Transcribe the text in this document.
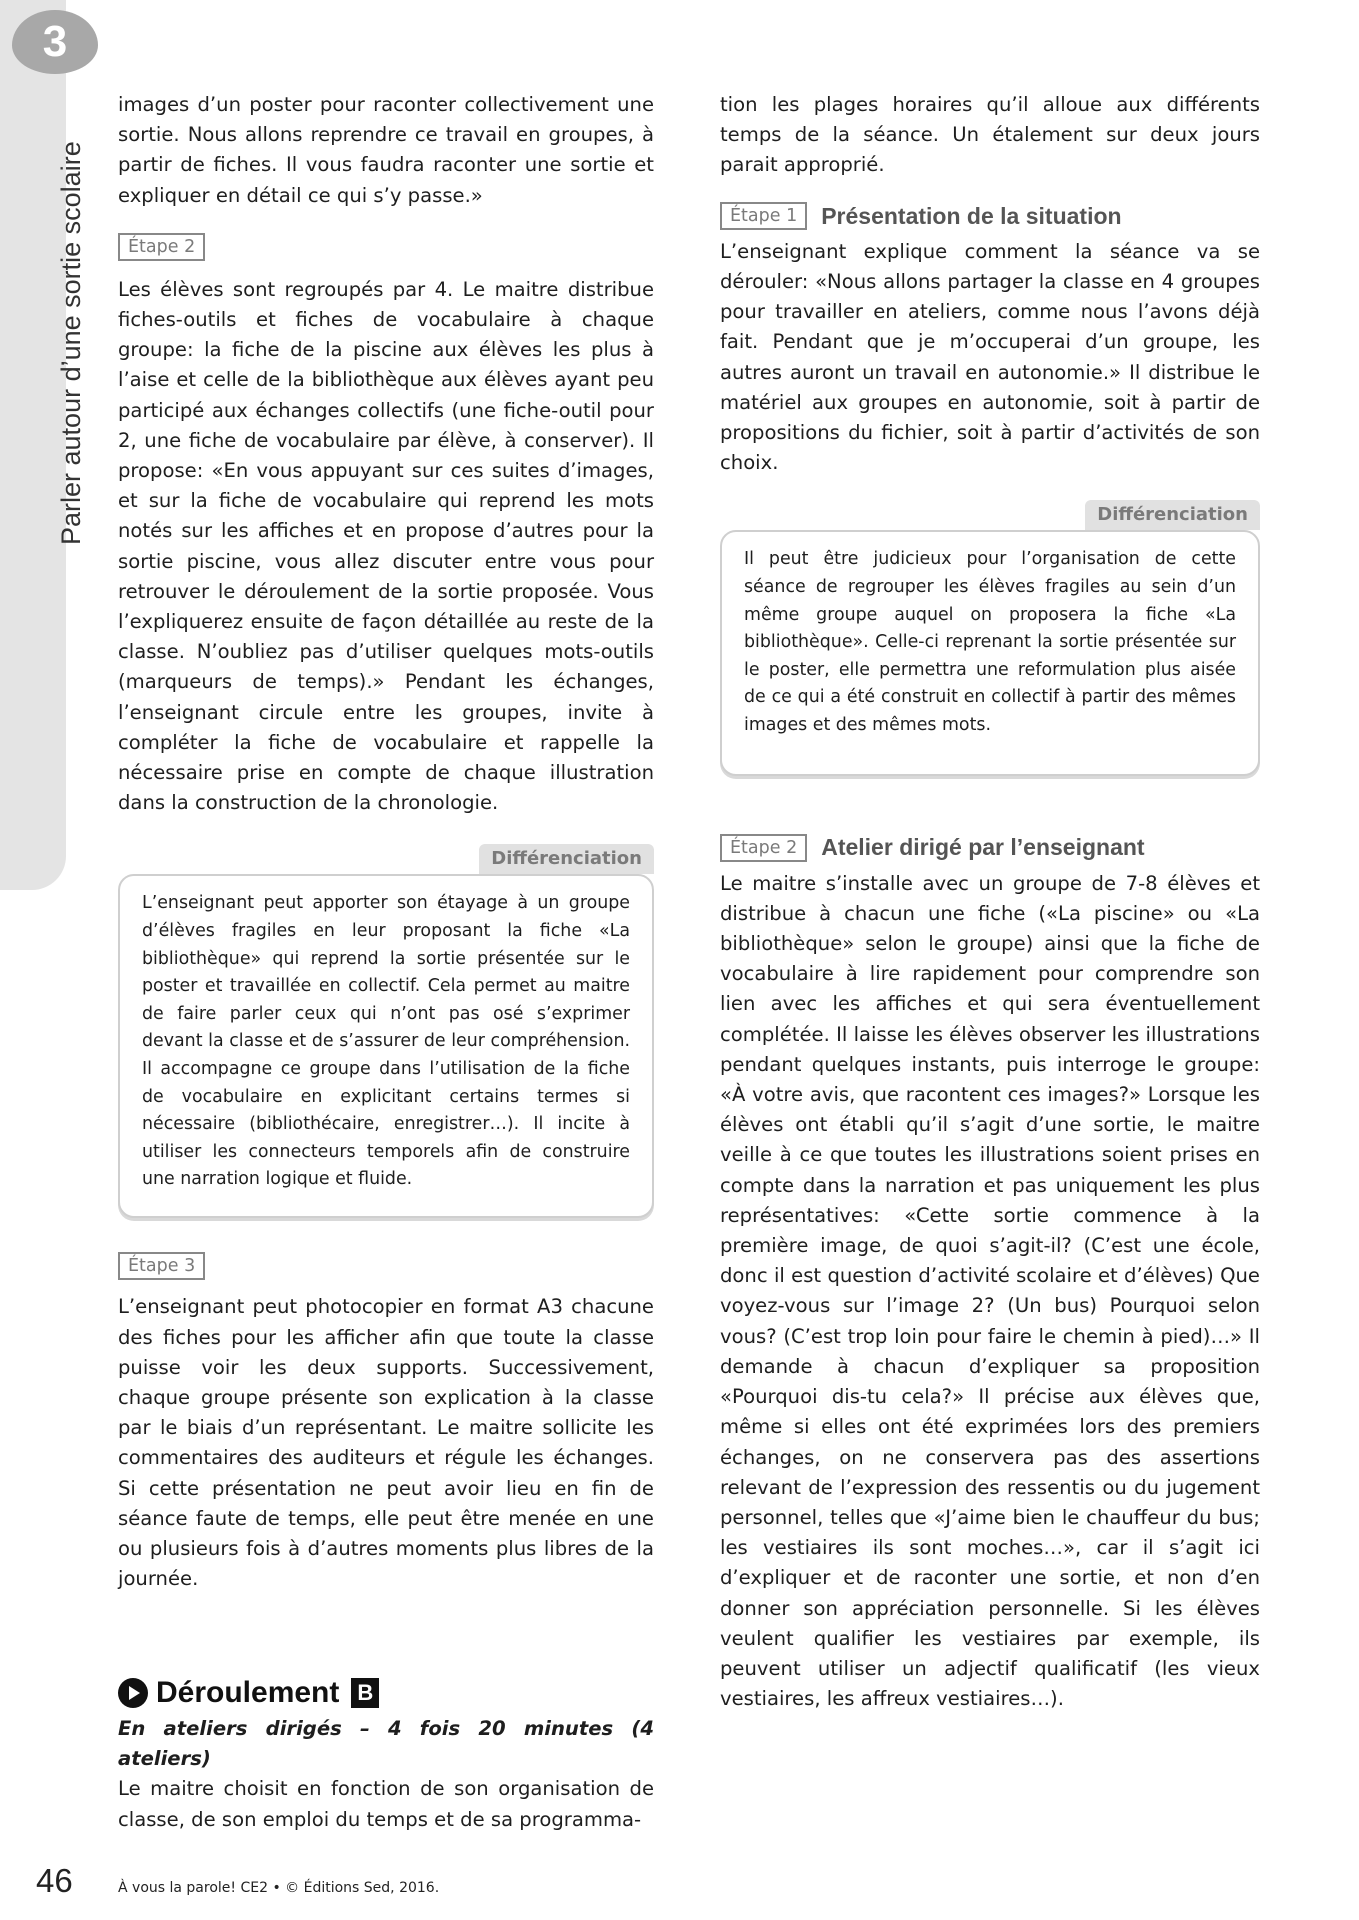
3
Parler autour d’une sortie scolaire

images d’un poster pour raconter collectivement une sortie. Nous allons reprendre ce travail en groupes, à partir de fiches. Il vous faudra raconter une sortie et expliquer en détail ce qui s’y passe.»

Étape 2

Les élèves sont regroupés par 4. Le maitre distribue fiches-outils et fiches de vocabulaire à chaque groupe: la fiche de la piscine aux élèves les plus à l’aise et celle de la bibliothèque aux élèves ayant peu participé aux échanges collectifs (une fiche-outil pour 2, une fiche de vocabulaire par élève, à conserver). Il propose: «En vous appuyant sur ces suites d’images, et sur la fiche de vocabulaire qui reprend les mots notés sur les affiches et en propose d’autres pour la sortie piscine, vous allez discuter entre vous pour retrouver le déroulement de la sortie proposée. Vous l’expliquerez ensuite de façon détaillée au reste de la classe. N’oubliez pas d’utiliser quelques mots-outils (marqueurs de temps).» Pendant les échanges, l’enseignant circule entre les groupes, invite à compléter la fiche de vocabulaire et rappelle la nécessaire prise en compte de chaque illustration dans la construction de la chronologie.

Différenciation
L’enseignant peut apporter son étayage à un groupe d’élèves fragiles en leur proposant la fiche «La bibliothèque» qui reprend la sortie présentée sur le poster et travaillée en collectif. Cela permet au maitre de faire parler ceux qui n’ont pas osé s’exprimer devant la classe et de s’assurer de leur compréhension. Il accompagne ce groupe dans l’utilisation de la fiche de vocabulaire en explicitant certains termes si nécessaire (bibliothécaire, enregistrer…). Il incite à utiliser les connecteurs temporels afin de construire une narration logique et fluide.
Étape 3

L’enseignant peut photocopier en format A3 chacune des fiches pour les afficher afin que toute la classe puisse voir les deux supports. Successivement, chaque groupe présente son explication à la classe par le biais d’un représentant. Le maitre sollicite les commentaires des auditeurs et régule les échanges. Si cette présentation ne peut avoir lieu en fin de séance faute de temps, elle peut être menée en une ou plusieurs fois à d’autres moments plus libres de la journée.

Déroulement B

En ateliers dirigés – 4 fois 20 minutes (4 ateliers)

Le maitre choisit en fonction de son organisation de classe, de son emploi du temps et de sa programma-

tion les plages horaires qu’il alloue aux différents temps de la séance. Un étalement sur deux jours parait approprié.

Étape 1	Présentation de la situation

L’enseignant explique comment la séance va se dérouler: «Nous allons partager la classe en 4 groupes pour travailler en ateliers, comme nous l’avons déjà fait. Pendant que je m’occuperai d’un groupe, les autres auront un travail en autonomie.» Il distribue le matériel aux groupes en autonomie, soit à partir de propositions du fichier, soit à partir d’activités de son choix.

Différenciation
Il peut être judicieux pour l’organisation de cette séance de regrouper les élèves fragiles au sein d’un même groupe auquel on proposera la fiche «La bibliothèque». Celle-ci reprenant la sortie présentée sur le poster, elle permettra une reformulation plus aisée de ce qui a été construit en collectif à partir des mêmes images et des mêmes mots.
Étape 2	Atelier dirigé par l’enseignant

Le maitre s’installe avec un groupe de 7-8 élèves et distribue à chacun une fiche («La piscine» ou «La bibliothèque» selon le groupe) ainsi que la fiche de vocabulaire à lire rapidement pour comprendre son lien avec les affiches et qui sera éventuellement complétée. Il laisse les élèves observer les illustrations pendant quelques instants, puis interroge le groupe: «À votre avis, que racontent ces images?» Lorsque les élèves ont établi qu’il s’agit d’une sortie, le maitre veille à ce que toutes les illustrations soient prises en compte dans la narration et pas uniquement les plus représentatives: «Cette sortie commence à la première image, de quoi s’agit-il? (C’est une école, donc il est question d’activité scolaire et d’élèves) Que voyez-vous sur l’image 2? (Un bus) Pourquoi selon vous? (C’est trop loin pour faire le chemin à pied)…» Il demande à chacun d’expliquer sa proposition «Pourquoi dis-tu cela?» Il précise aux élèves que, même si elles ont été exprimées lors des premiers échanges, on ne conservera pas des assertions relevant de l’expression des ressentis ou du jugement personnel, telles que «J’aime bien le chauffeur du bus; les vestiaires ils sont moches…», car il s’agit ici d’expliquer et de raconter une sortie, et non d’en donner son appréciation personnelle. Si les élèves veulent qualifier les vestiaires par exemple, ils peuvent utiliser un adjectif qualificatif (les vieux vestiaires, les affreux vestiaires…).

46	À vous la parole! CE2 • © Éditions Sed, 2016.
